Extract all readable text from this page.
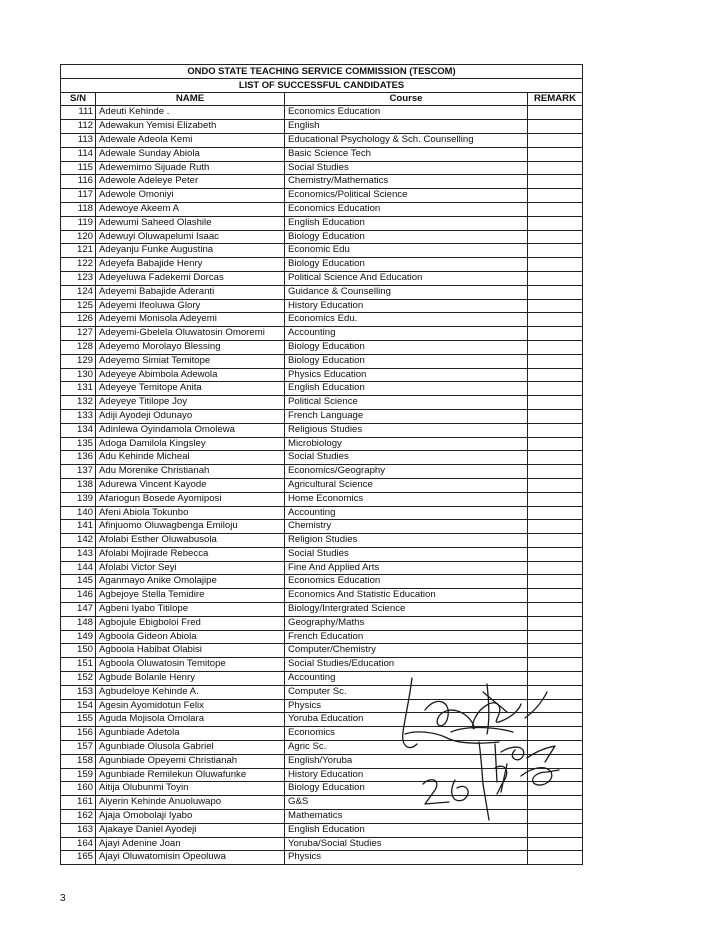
ONDO STATE TEACHING SERVICE COMMISSION (TESCOM)			
LIST OF SUCCESSFUL CANDIDATES			
S/N	NAME	Course	REMARK
111	Adeuti Kehinde .	Economics Education	
112	Adewakun Yemisi Elizabeth	English	
113	Adewale Adeola Kemi	Educational Psychology & Sch. Counselling	
114	Adewale Sunday Abiola	Basic Science Tech	
115	Adewemimo Sijuade Ruth	Social Studies	
116	Adewole Adeleye Peter	Chemistry/Mathematics	
117	Adewole Omoniyi	Economics/Political Science	
118	Adewoye Akeem A	Economics Education	
119	Adewumi Saheed Olashile	English Education	
120	Adewuyi Oluwapelumi Isaac	Biology Education	
121	Adeyanju Funke Augustina	Economic Edu	
122	Adeyefa Babajide Henry	Biology Education	
123	Adeyeluwa Fadekemi Dorcas	Political Science And Education	
124	Adeyemi Babajide Aderanti	Guidance & Counselling	
125	Adeyemi Ifeoluwa Glory	History Education	
126	Adeyemi Monisola Adeyemi	Economics Edu.	
127	Adeyemi-Gbelela Oluwatosin Omoremi	Accounting	
128	Adeyemo Morolayo Blessing	Biology Education	
129	Adeyemo Simiat Temitope	Biology Education	
130	Adeyeye Abimbola Adewola	Physics Education	
131	Adeyeye Temitope Anita	English Education	
132	Adeyeye Titilope Joy	Political Science	
133	Adiji Ayodeji Odunayo	French Language	
134	Adinlewa Oyindamola Omolewa	Religious Studies	
135	Adoga Damilola Kingsley	Microbiology	
136	Adu Kehinde Micheal	Social Studies	
137	Adu Morenike Christianah	Economics/Geography	
138	Adurewa Vincent Kayode	Agricultural Science	
139	Afariogun Bosede Ayomiposi	Home Economics	
140	Afeni Abiola Tokunbo	Accounting	
141	Afinjuomo Oluwagbenga Emiloju	Chemistry	
142	Afolabi Esther Oluwabusola	Religion Studies	
143	Afolabi Mojirade Rebecca	Social Studies	
144	Afolabi Victor Seyi	Fine And Applied Arts	
145	Aganmayo Anike Omolajipe	Economics Education	
146	Agbejoye Stella Temidire	Economics And Statistic Education	
147	Agbeni Iyabo Titilope	Biology/Intergrated Science	
148	Agbojule Ebigboloi Fred	Geography/Maths	
149	Agboola Gideon Abiola	French Education	
150	Agboola Habibat Olabisi	Computer/Chemistry	
151	Agboola Oluwatosin Temitope	Social Studies/Education	
152	Agbude Bolanle Henry	Accounting	
153	Agbudeloye Kehinde A.	Computer Sc.	
154	Agesin Ayomidotun Felix	Physics	
155	Aguda Mojisola Omolara	Yoruba Education	
156	Agunbiade Adetola	Economics	
157	Agunbiade Olusola Gabriel	Agric Sc.	
158	Agunbiade Opeyemi Christianah	English/Yoruba	
159	Agunbiade Remilekun Oluwafunke	History Education	
160	Aitija Olubunmi Toyin	Biology Education	
161	Aiyerin Kehinde Anuoluwapo	G&S	
162	Ajaja Omobolaji Iyabo	Mathematics	
163	Ajakaye Daniel Ayodeji	English Education	
164	Ajayi Adenine Joan	Yoruba/Social Studies	
165	Ajayi Oluwatomisin Opeoluwa	Physics	
3
